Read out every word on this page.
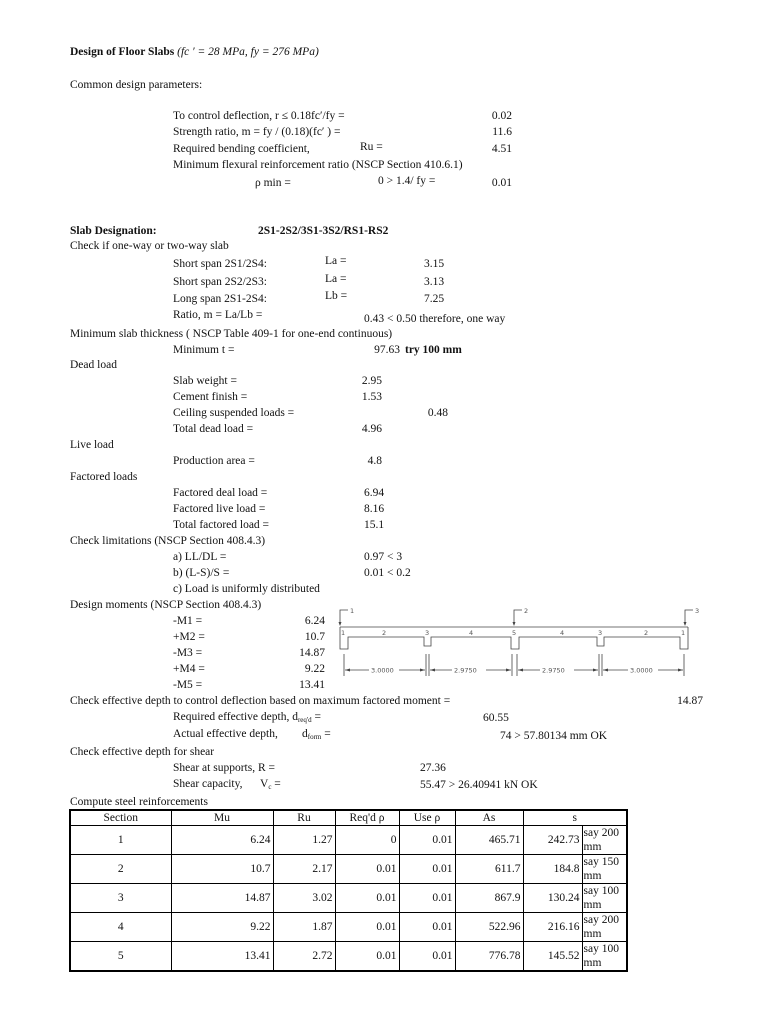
Design of Floor Slabs (fc ′ = 28 MPa, fy = 276 MPa)
Common design parameters:
To control deflection, r ≤ 0.18fc′/fy =	0.02
Strength ratio, m = fy / (0.18)(fc′ ) =	11.6
Required bending coefficient,	Ru =	4.51
Minimum flexural reinforcement ratio (NSCP Section 410.6.1)
ρ min =	0 > 1.4/ fy =	0.01
Slab Designation:	2S1-2S2/3S1-3S2/RS1-RS2
Check if one-way or two-way slab
Short span 2S1/2S4:	La =	3.15
Short span 2S2/2S3:	La =	3.13
Long span 2S1-2S4:	Lb =	7.25
Ratio, m = La/Lb =	0.43 < 0.50 therefore, one way
Minimum slab thickness ( NSCP Table 409-1 for one-end continuous)
Minimum t =	97.63 try 100 mm
Dead load
Slab weight =	2.95
Cement finish =	1.53
Ceiling suspended loads =	0.48
Total dead load =	4.96
Live load
Production area =	4.8
Factored loads
Factored deal load =	6.94
Factored live load =	8.16
Total factored load =	15.1
Check limitations (NSCP Section 408.4.3)
a) LL/DL =	0.97 < 3
b) (L-S)/S =	0.01 < 0.2
c) Load is uniformly distributed
Design moments (NSCP Section 408.4.3)
-M1 =	6.24
+M2 =	10.7
-M3 =	14.87
+M4 =	9.22
-M5 =	13.41
1	2	3
1	2	3	4	5	4	3	2	1
3.0000	2.9750	2.9750	3.0000
Check effective depth to control deflection based on maximum factored moment =	14.87
Required effective depth, $d_{req'd}$ =	60.55
Actual effective depth, $d_{form}$ =	74 > 57.80134 mm OK
Check effective depth for shear
Shear at supports, R =	27.36
Shear capacity, $V_c$ =	55.47 > 26.40941 kN OK
Compute steel reinforcements
Section	Mu	Ru	Req'd ρ	Use ρ	As	s	
1	6.24	1.27	0	0.01	465.71	242.73	say 200 mm
2	10.7	2.17	0.01	0.01	611.7	184.8	say 150 mm
3	14.87	3.02	0.01	0.01	867.9	130.24	say 100 mm
4	9.22	1.87	0.01	0.01	522.96	216.16	say 200 mm
5	13.41	2.72	0.01	0.01	776.78	145.52	say 100 mm
